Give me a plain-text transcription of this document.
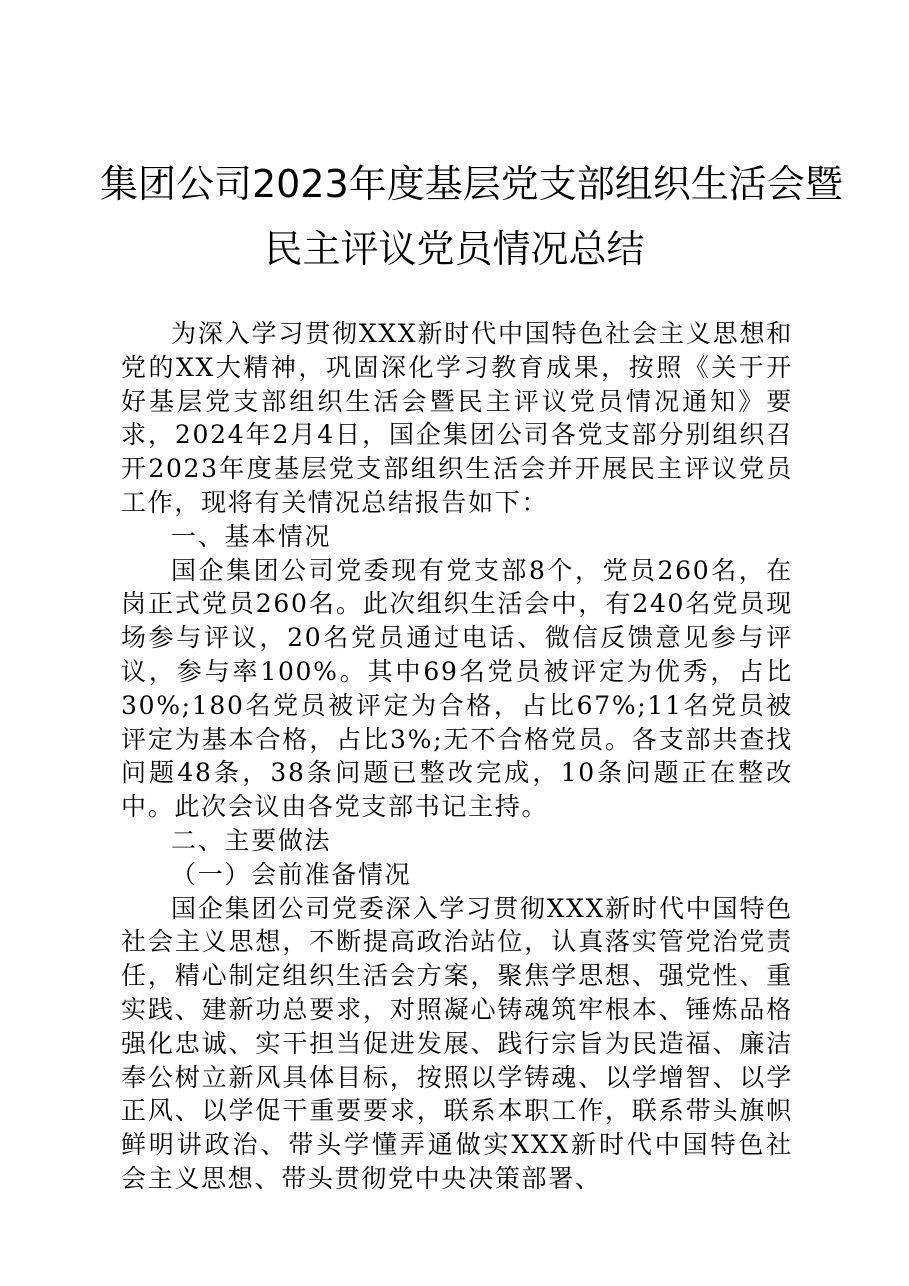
集团公司2023年度基层党支部组织生活会暨
民主评议党员情况总结

为深入学习贯彻XXX新时代中国特色社会主义思想和党的XX大精神，巩固深化学习教育成果，按照《关于开好基层党支部组织生活会暨民主评议党员情况通知》要求，2024年2月4日，国企集团公司各党支部分别组织召开2023年度基层党支部组织生活会并开展民主评议党员工作，现将有关情况总结报告如下：

一、基本情况

国企集团公司党委现有党支部8个，党员260名，在岗正式党员260名。此次组织生活会中，有240名党员现场参与评议，20名党员通过电话、微信反馈意见参与评议，参与率100%。其中69名党员被评定为优秀，占比30%;180名党员被评定为合格，占比67%;11名党员被评定为基本合格，占比3%;无不合格党员。各支部共查找问题48条，38条问题已整改完成，10条问题正在整改中。此次会议由各党支部书记主持。

二、主要做法

（一）会前准备情况

国企集团公司党委深入学习贯彻XXX新时代中国特色社会主义思想，不断提高政治站位，认真落实管党治党责任，精心制定组织生活会方案，聚焦学思想、强党性、重实践、建新功总要求，对照凝心铸魂筑牢根本、锤炼品格强化忠诚、实干担当促进发展、践行宗旨为民造福、廉洁奉公树立新风具体目标，按照以学铸魂、以学增智、以学正风、以学促干重要要求，联系本职工作，联系带头旗帜鲜明讲政治、带头学懂弄通做实XXX新时代中国特色社会主义思想、带头贯彻党中央决策部署、
